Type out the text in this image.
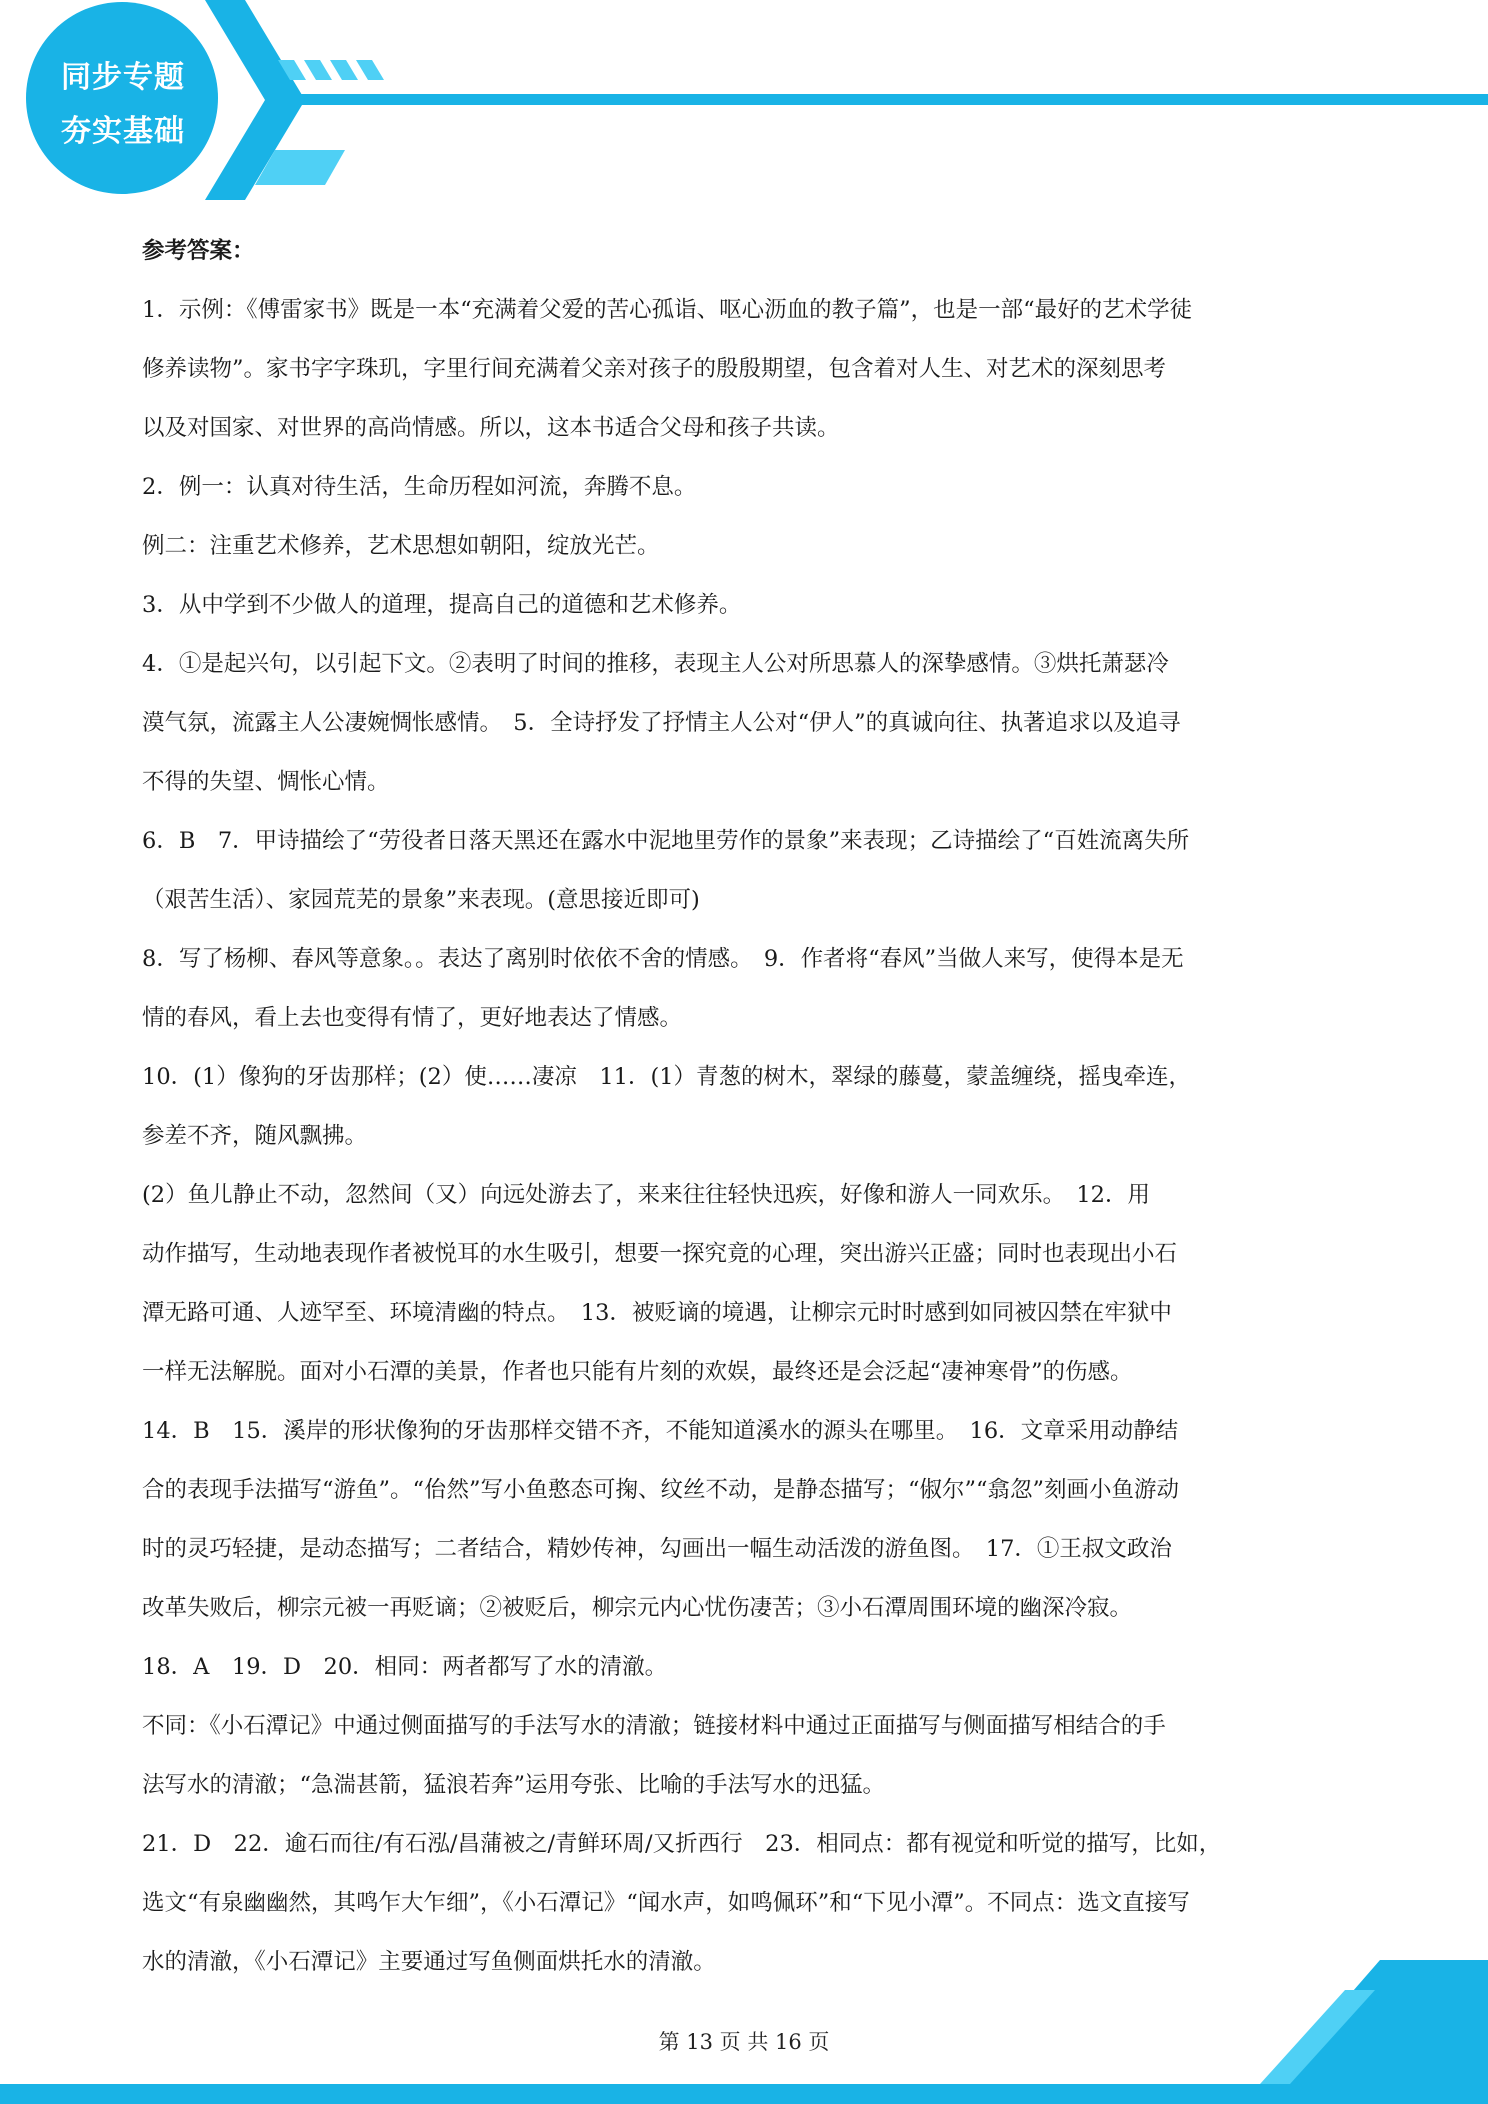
同步专题
夯实基础

参考答案：

1．示例：《傅雷家书》既是一本“充满着父爱的苦心孤诣、呕心沥血的教子篇”，也是一部“最好的艺术学徒

修养读物”。家书字字珠玑，字里行间充满着父亲对孩子的殷殷期望，包含着对人生、对艺术的深刻思考

以及对国家、对世界的高尚情感。所以，这本书适合父母和孩子共读。

2．例一：认真对待生活，生命历程如河流，奔腾不息。

例二：注重艺术修养，艺术思想如朝阳，绽放光芒。

3．从中学到不少做人的道理，提高自己的道德和艺术修养。

4．①是起兴句，以引起下文。②表明了时间的推移，表现主人公对所思慕人的深挚感情。③烘托萧瑟冷

漠气氛，流露主人公凄婉惆怅感情。　5．全诗抒发了抒情主人公对“伊人”的真诚向往、执著追求以及追寻

不得的失望、惆怅心情。

6．B　7．甲诗描绘了“劳役者日落天黑还在露水中泥地里劳作的景象”来表现；乙诗描绘了“百姓流离失所

（艰苦生活）、家园荒芜的景象”来表现。(意思接近即可)

8．写了杨柳、春风等意象。。表达了离别时依依不舍的情感。　9．作者将“春风”当做人来写，使得本是无

情的春风，看上去也变得有情了，更好地表达了情感。

10．(1）像狗的牙齿那样；(2）使……凄凉　11．(1）青葱的树木，翠绿的藤蔓，蒙盖缠绕，摇曳牵连，

参差不齐，随风飘拂。

(2）鱼儿静止不动，忽然间（又）向远处游去了，来来往往轻快迅疾，好像和游人一同欢乐。　12．用

动作描写，生动地表现作者被悦耳的水生吸引，想要一探究竟的心理，突出游兴正盛；同时也表现出小石

潭无路可通、人迹罕至、环境清幽的特点。　13．被贬谪的境遇，让柳宗元时时感到如同被囚禁在牢狱中

一样无法解脱。面对小石潭的美景，作者也只能有片刻的欢娱，最终还是会泛起“凄神寒骨”的伤感。

14．B　15．溪岸的形状像狗的牙齿那样交错不齐，不能知道溪水的源头在哪里。　16．文章采用动静结

合的表现手法描写“游鱼”。“佁然”写小鱼憨态可掬、纹丝不动，是静态描写；“俶尔”“翕忽”刻画小鱼游动

时的灵巧轻捷，是动态描写；二者结合，精妙传神，勾画出一幅生动活泼的游鱼图。　17．①王叔文政治

改革失败后，柳宗元被一再贬谪；②被贬后，柳宗元内心忧伤凄苦；③小石潭周围环境的幽深冷寂。

18．A　19．D　20．相同：两者都写了水的清澈。

不同：《小石潭记》中通过侧面描写的手法写水的清澈；链接材料中通过正面描写与侧面描写相结合的手

法写水的清澈；“急湍甚箭，猛浪若奔”运用夸张、比喻的手法写水的迅猛。

21．D　22．逾石而往/有石泓/昌蒲被之/青鲜环周/又折西行　23．相同点：都有视觉和听觉的描写，比如，

选文“有泉幽幽然，其鸣乍大乍细”，《小石潭记》“闻水声，如鸣佩环”和“下见小潭”。不同点：选文直接写

水的清澈，《小石潭记》主要通过写鱼侧面烘托水的清澈。

第 13 页 共 16 页
